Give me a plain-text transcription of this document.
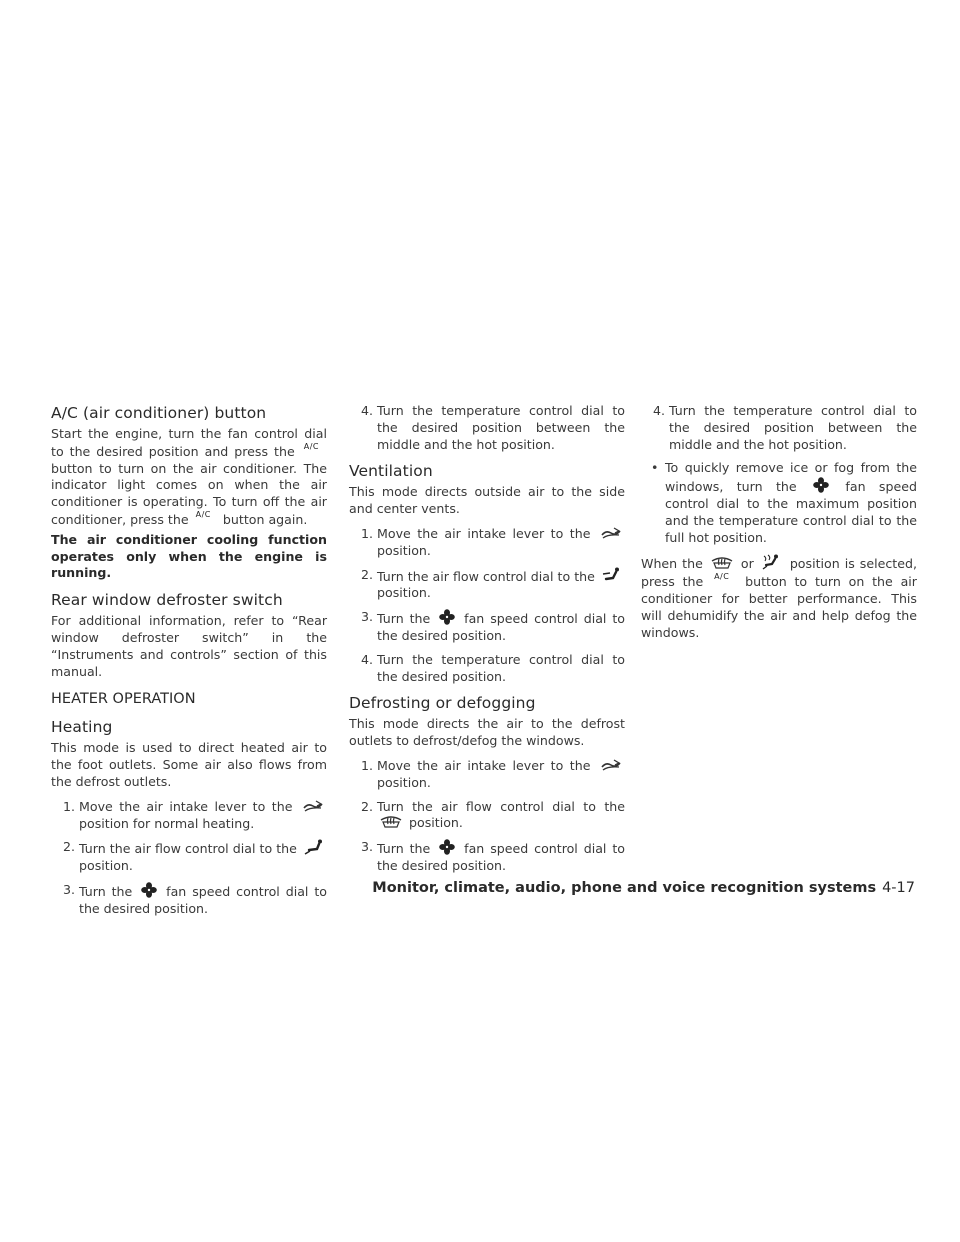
A/C (air conditioner) button

Start the engine, turn the fan control dial to the desired position and press the A/C button to turn on the air conditioner. The indicator light comes on when the air conditioner is operating. To turn off the air conditioner, press the A/C button again.

The air conditioner cooling function operates only when the engine is running.

Rear window defroster switch

For additional information, refer to “Rear window defroster switch” in the “Instruments and controls” section of this manual.

HEATER OPERATION
Heating

This mode is used to direct heated air to the foot outlets. Some air also flows from the defrost outlets.

1. Move the air intake lever to the
position for normal heating.
2. Turn the air flow control dial to the
position.
3. Turn the	fan speed control dial to the desired position.
4. Turn the temperature control dial to the desired position between the middle and the hot position.
Ventilation

This mode directs outside air to the side and center vents.

1. Move the air intake lever to the
position.
2. Turn the air flow control dial to the
position.
3. Turn the	fan speed control dial to the desired position.
4. Turn the temperature control dial to the desired position.
Defrosting or defogging

This mode directs the air to the defrost outlets to defrost/defog the windows.

1. Move the air intake lever to the
position.
2. Turn the air flow control dial to the
position.
3. Turn the	fan speed control dial to the desired position.
4. Turn the temperature control dial to the desired position between the middle and the hot position.
• To quickly remove ice or fog from the windows, turn the	fan speed control dial to the maximum position and the temperature control dial to the full hot position.

When the	or	position is selected, press the A/C button to turn on the air conditioner for better performance. This will dehumidify the air and help defog the windows.

Monitor, climate, audio, phone and voice recognition systems 4-17
